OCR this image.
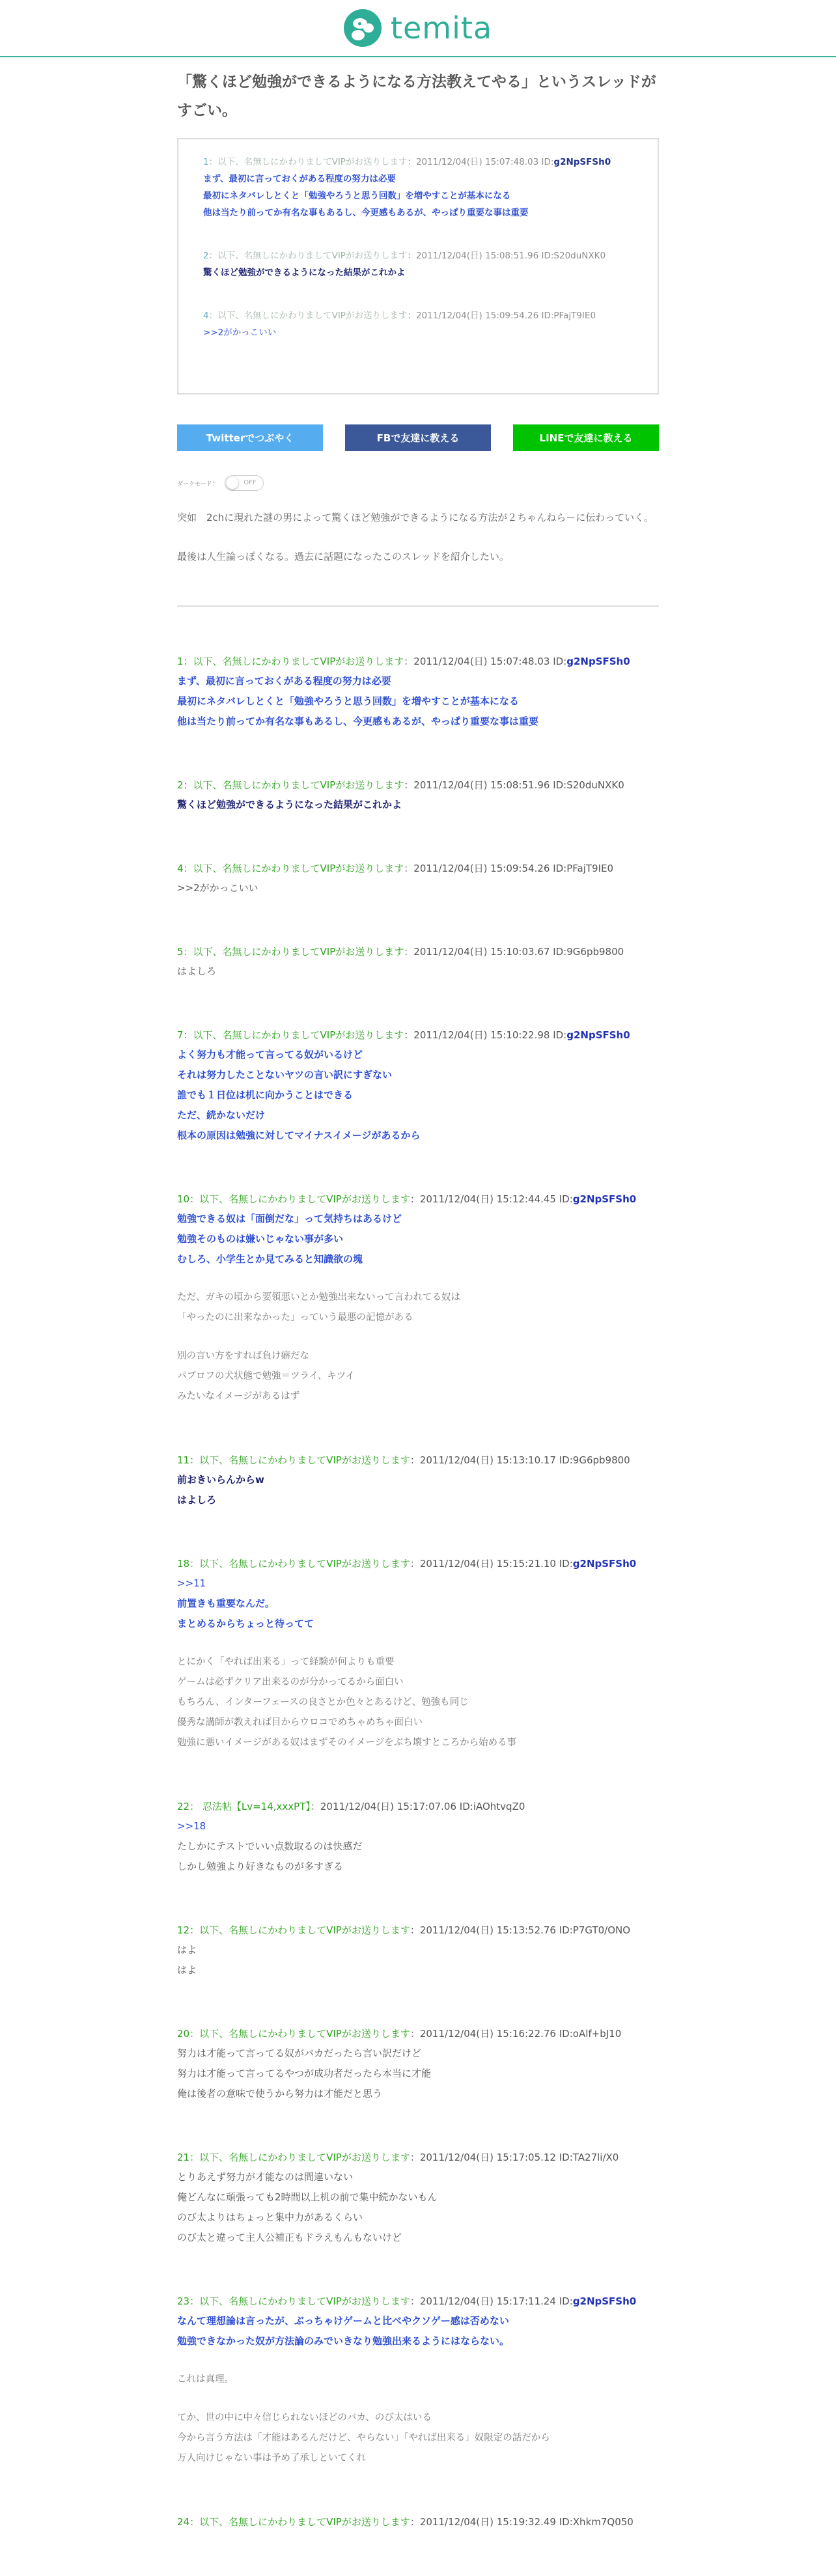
temita
「驚くほど勉強ができるようになる方法教えてやる」というスレッドがすごい。
1：以下、名無しにかわりましてVIPがお送りします：2011/12/04(日) 15:07:48.03 ID:g2NpSFSh0
まず、最初に言っておくがある程度の努力は必要
最初にネタバレしとくと「勉強やろうと思う回数」を増やすことが基本になる
他は当たり前ってか有名な事もあるし、今更感もあるが、やっぱり重要な事は重要
2：以下、名無しにかわりましてVIPがお送りします：2011/12/04(日) 15:08:51.96 ID:S20duNXK0
驚くほど勉強ができるようになった結果がこれかよ
4：以下、名無しにかわりましてVIPがお送りします：2011/12/04(日) 15:09:54.26 ID:PFajT9IE0
>>2がかっこいい
Twitterでつぶやく	FBで友達に教える	LINEで友達に教える
ダークモード：	OFF

突如　2chに現れた謎の男によって驚くほど勉強ができるようになる方法が２ちゃんねらーに伝わっていく。

最後は人生論っぽくなる。過去に話題になったこのスレッドを紹介したい。

1：以下、名無しにかわりましてVIPがお送りします：2011/12/04(日) 15:07:48.03 ID:g2NpSFSh0
まず、最初に言っておくがある程度の努力は必要
最初にネタバレしとくと「勉強やろうと思う回数」を増やすことが基本になる
他は当たり前ってか有名な事もあるし、今更感もあるが、やっぱり重要な事は重要
2：以下、名無しにかわりましてVIPがお送りします：2011/12/04(日) 15:08:51.96 ID:S20duNXK0
驚くほど勉強ができるようになった結果がこれかよ
4：以下、名無しにかわりましてVIPがお送りします：2011/12/04(日) 15:09:54.26 ID:PFajT9IE0
>>2がかっこいい
5：以下、名無しにかわりましてVIPがお送りします：2011/12/04(日) 15:10:03.67 ID:9G6pb9800
はよしろ
7：以下、名無しにかわりましてVIPがお送りします：2011/12/04(日) 15:10:22.98 ID:g2NpSFSh0
よく努力も才能って言ってる奴がいるけど
それは努力したことないヤツの言い訳にすぎない
誰でも１日位は机に向かうことはできる
ただ、続かないだけ
根本の原因は勉強に対してマイナスイメージがあるから
10：以下、名無しにかわりましてVIPがお送りします：2011/12/04(日) 15:12:44.45 ID:g2NpSFSh0
勉強できる奴は「面倒だな」って気持ちはあるけど
勉強そのものは嫌いじゃない事が多い
むしろ、小学生とか見てみると知識欲の塊
ただ、ガキの頃から要領悪いとか勉強出来ないって言われてる奴は
「やったのに出来なかった」っていう最悪の記憶がある
別の言い方をすれば負け癖だな
パブロフの犬状態で勉強＝ツライ、キツイ
みたいなイメージがあるはず
11：以下、名無しにかわりましてVIPがお送りします：2011/12/04(日) 15:13:10.17 ID:9G6pb9800
前おきいらんからw
はよしろ
18：以下、名無しにかわりましてVIPがお送りします：2011/12/04(日) 15:15:21.10 ID:g2NpSFSh0
>>11
前置きも重要なんだ。
まとめるからちょっと待ってて
とにかく「やれば出来る」って経験が何よりも重要
ゲームは必ずクリア出来るのが分かってるから面白い
もちろん、インターフェースの良さとか色々とあるけど、勉強も同じ
優秀な講師が教えれば目からウロコでめちゃめちゃ面白い
勉強に悪いイメージがある奴はまずそのイメージをぶち壊すところから始める事
22： 忍法帖【Lv=14,xxxPT】：2011/12/04(日) 15:17:07.06 ID:iAOhtvqZ0
>>18
たしかにテストでいい点数取るのは快感だ
しかし勉強より好きなものが多すぎる
12：以下、名無しにかわりましてVIPがお送りします：2011/12/04(日) 15:13:52.76 ID:P7GT0/ONO
はよ
はよ
20：以下、名無しにかわりましてVIPがお送りします：2011/12/04(日) 15:16:22.76 ID:oAlf+bJ10
努力は才能って言ってる奴がバカだったら言い訳だけど
努力は才能って言ってるやつが成功者だったら本当に才能
俺は後者の意味で使うから努力は才能だと思う
21：以下、名無しにかわりましてVIPがお送りします：2011/12/04(日) 15:17:05.12 ID:TA27li/X0
とりあえず努力が才能なのは間違いない
俺どんなに頑張っても2時間以上机の前で集中続かないもん
のび太よりはちょっと集中力があるくらい
のび太と違って主人公補正もドラえもんもないけど
23：以下、名無しにかわりましてVIPがお送りします：2011/12/04(日) 15:17:11.24 ID:g2NpSFSh0
なんて理想論は言ったが、ぶっちゃけゲームと比べやクソゲー感は否めない
勉強できなかった奴が方法論のみでいきなり勉強出来るようにはならない。
これは真理。
てか、世の中に中々信じられないほどのバカ、のび太はいる
今から言う方法は「才能はあるんだけど、やらない」「やれば出来る」奴限定の話だから
万人向けじゃない事は予め了承しといてくれ
24：以下、名無しにかわりましてVIPがお送りします：2011/12/04(日) 15:19:32.49 ID:Xhkm7Q050
